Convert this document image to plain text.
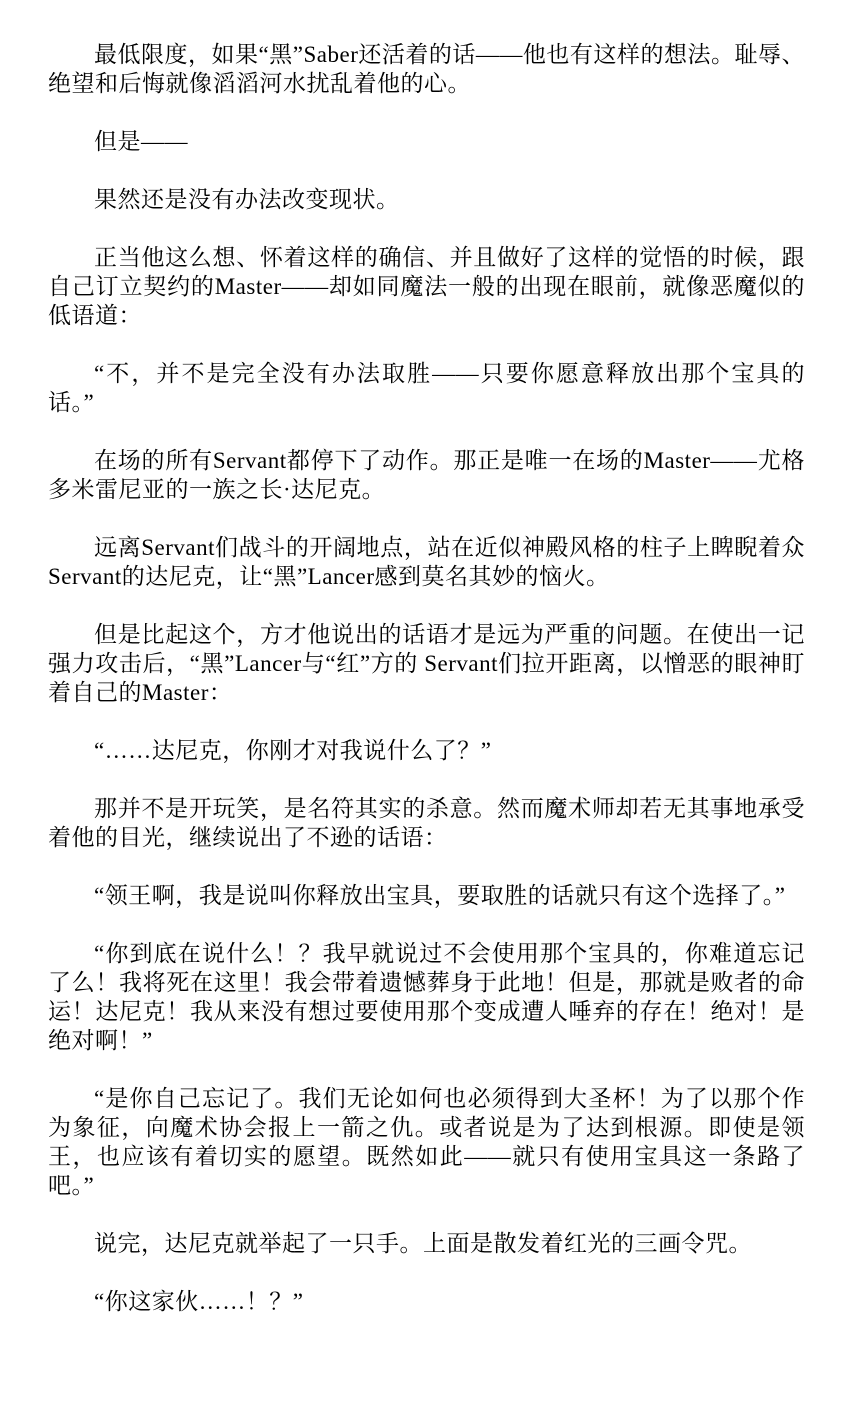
最低限度，如果“黑”Saber还活着的话——他也有这样的想法。耻辱、绝望和后悔就像滔滔河水扰乱着他的心。

但是——

果然还是没有办法改变现状。

正当他这么想、怀着这样的确信、并且做好了这样的觉悟的时候，跟自己订立契约的Master——却如同魔法一般的出现在眼前，就像恶魔似的低语道：

“不，并不是完全没有办法取胜——只要你愿意释放出那个宝具的话。”

在场的所有Servant都停下了动作。那正是唯一在场的Master——尤格多米雷尼亚的一族之长·达尼克。

远离Servant们战斗的开阔地点，站在近似神殿风格的柱子上睥睨着众Servant的达尼克，让“黑”Lancer感到莫名其妙的恼火。

但是比起这个，方才他说出的话语才是远为严重的问题。在使出一记强力攻击后，“黑”Lancer与“红”方的 Servant们拉开距离，以憎恶的眼神盯着自己的Master：

“……达尼克，你刚才对我说什么了？”

那并不是开玩笑，是名符其实的杀意。然而魔术师却若无其事地承受着他的目光，继续说出了不逊的话语：

“领王啊，我是说叫你释放出宝具，要取胜的话就只有这个选择了。”

“你到底在说什么！？我早就说过不会使用那个宝具的，你难道忘记了么！我将死在这里！我会带着遗憾葬身于此地！但是，那就是败者的命运！达尼克！我从来没有想过要使用那个变成遭人唾弃的存在！绝对！是绝对啊！”

“是你自己忘记了。我们无论如何也必须得到大圣杯！为了以那个作为象征，向魔术协会报上一箭之仇。或者说是为了达到根源。即使是领王，也应该有着切实的愿望。既然如此——就只有使用宝具这一条路了吧。”

说完，达尼克就举起了一只手。上面是散发着红光的三画令咒。

“你这家伙……！？”
